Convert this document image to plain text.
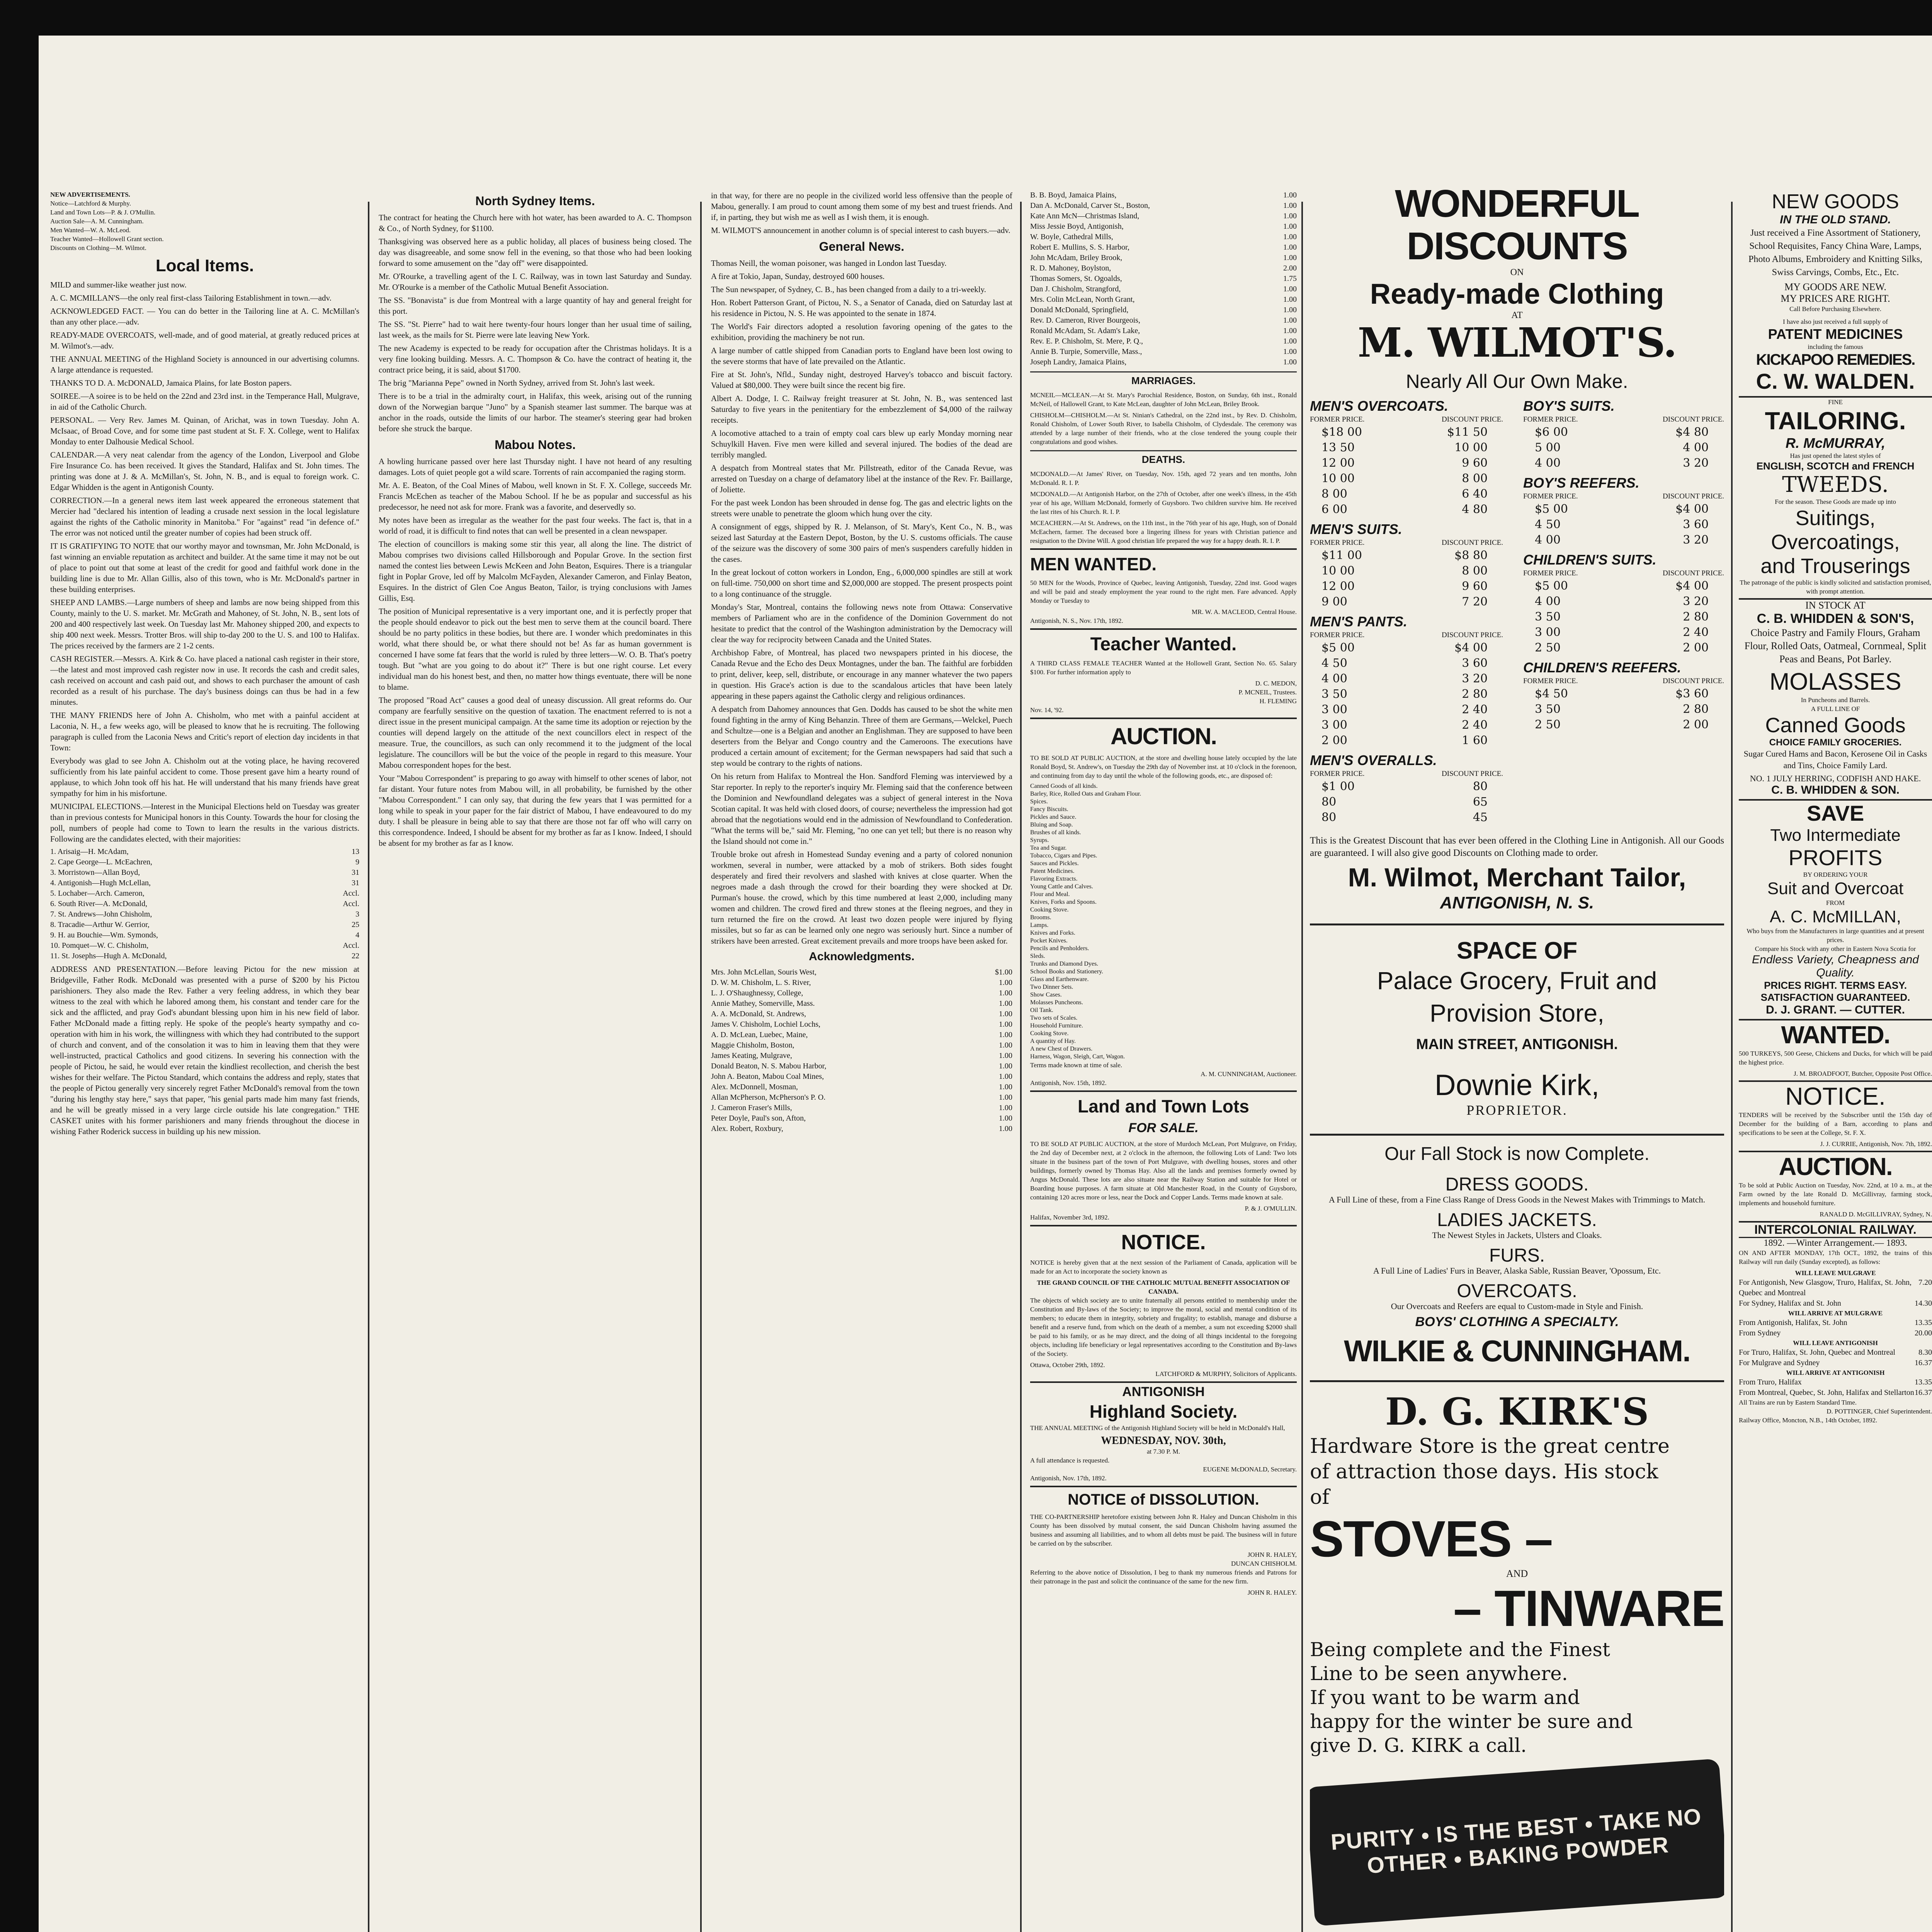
NEW ADVERTISEMENTS.
Notice—Latchford & Murphy.
Land and Town Lots—P. & J. O'Mullin.
Auction Sale—A. M. Cunningham.
Men Wanted—W. A. McLeod.
Teacher Wanted—Hollowell Grant section.
Discounts on Clothing—M. Wilmot.
Local Items.

MILD and summer-like weather just now.

A. C. MCMILLAN'S—the only real first-class Tailoring Establishment in town.—adv.

ACKNOWLEDGED FACT. — You can do better in the Tailoring line at A. C. McMillan's than any other place.—adv.

READY-MADE OVERCOATS, well-made, and of good material, at greatly reduced prices at M. Wilmot's.—adv.

THE ANNUAL MEETING of the Highland Society is announced in our advertising columns. A large attendance is requested.

THANKS TO D. A. McDONALD, Jamaica Plains, for late Boston papers.

SOIREE.—A soiree is to be held on the 22nd and 23rd inst. in the Temperance Hall, Mulgrave, in aid of the Catholic Church.

PERSONAL. — Very Rev. James M. Quinan, of Arichat, was in town Tuesday. John A. McIsaac, of Broad Cove, and for some time past student at St. F. X. College, went to Halifax Monday to enter Dalhousie Medical School.

CALENDAR.—A very neat calendar from the agency of the London, Liverpool and Globe Fire Insurance Co. has been received. It gives the Standard, Halifax and St. John times. The printing was done at J. & A. McMillan's, St. John, N. B., and is equal to foreign work. C. Edgar Whidden is the agent in Antigonish County.

CORRECTION.—In a general news item last week appeared the erroneous statement that Mercier had "declared his intention of leading a crusade next session in the local legislature against the rights of the Catholic minority in Manitoba." For "against" read "in defence of." The error was not noticed until the greater number of copies had been struck off.

IT IS GRATIFYING TO NOTE that our worthy mayor and townsman, Mr. John McDonald, is fast winning an enviable reputation as architect and builder. At the same time it may not be out of place to point out that some at least of the credit for good and faithful work done in the building line is due to Mr. Allan Gillis, also of this town, who is Mr. McDonald's partner in these building enterprises.

SHEEP AND LAMBS.—Large numbers of sheep and lambs are now being shipped from this County, mainly to the U. S. market. Mr. McGrath and Mahoney, of St. John, N. B., sent lots of 200 and 400 respectively last week. On Tuesday last Mr. Mahoney shipped 200, and expects to ship 400 next week. Messrs. Trotter Bros. will ship to-day 200 to the U. S. and 100 to Halifax. The prices received by the farmers are 2 1-2 cents.

CASH REGISTER.—Messrs. A. Kirk & Co. have placed a national cash register in their store,—the latest and most improved cash register now in use. It records the cash and credit sales, cash received on account and cash paid out, and shows to each purchaser the amount of cash recorded as a result of his purchase. The day's business doings can thus be had in a few minutes.

THE MANY FRIENDS here of John A. Chisholm, who met with a painful accident at Laconia, N. H., a few weeks ago, will be pleased to know that he is recruiting. The following paragraph is culled from the Laconia News and Critic's report of election day incidents in that Town:

Everybody was glad to see John A. Chisholm out at the voting place, he having recovered sufficiently from his late painful accident to come. Those present gave him a hearty round of applause, to which John took off his hat. He will understand that his many friends have great sympathy for him in his misfortune.

MUNICIPAL ELECTIONS.—Interest in the Municipal Elections held on Tuesday was greater than in previous contests for Municipal honors in this County. Towards the hour for closing the poll, numbers of people had come to Town to learn the results in the various districts. Following are the candidates elected, with their majorities:

1. Arisaig—H. McAdam,	13
2. Cape George—L. McEachren,	9
3. Morristown—Allan Boyd,	31
4. Antigonish—Hugh McLellan,	31
5. Lochaber—Arch. Cameron,	Accl.
6. South River—A. McDonald,	Accl.
7. St. Andrews—John Chisholm,	3
8. Tracadie—Arthur W. Gerrior,	25
9. H. au Bouchie—Wm. Symonds,	4
10. Pomquet—W. C. Chisholm,	Accl.
11. St. Josephs—Hugh A. McDonald,	22

ADDRESS AND PRESENTATION.—Before leaving Pictou for the new mission at Bridgeville, Father Rodk. McDonald was presented with a purse of $200 by his Pictou parishioners. They also made the Rev. Father a very feeling address, in which they bear witness to the zeal with which he labored among them, his constant and tender care for the sick and the afflicted, and pray God's abundant blessing upon him in his new field of labor. Father McDonald made a fitting reply. He spoke of the people's hearty sympathy and co-operation with him in his work, the willingness with which they had contributed to the support of church and convent, and of the consolation it was to him in leaving them that they were well-instructed, practical Catholics and good citizens. In severing his connection with the people of Pictou, he said, he would ever retain the kindliest recollection, and cherish the best wishes for their welfare. The Pictou Standard, which contains the address and reply, states that the people of Pictou generally very sincerely regret Father McDonald's removal from the town "during his lengthy stay here," says that paper, "his genial parts made him many fast friends, and he will be greatly missed in a very large circle outside his late congregation." THE CASKET unites with his former parishioners and many friends throughout the diocese in wishing Father Roderick success in building up his new mission.

North Sydney Items.

The contract for heating the Church here with hot water, has been awarded to A. C. Thompson & Co., of North Sydney, for $1100.

Thanksgiving was observed here as a public holiday, all places of business being closed. The day was disagreeable, and some snow fell in the evening, so that those who had been looking forward to some amusement on the "day off" were disappointed.

Mr. O'Rourke, a travelling agent of the I. C. Railway, was in town last Saturday and Sunday. Mr. O'Rourke is a member of the Catholic Mutual Benefit Association.

The SS. "Bonavista" is due from Montreal with a large quantity of hay and general freight for this port.

The SS. "St. Pierre" had to wait here twenty-four hours longer than her usual time of sailing, last week, as the mails for St. Pierre were late leaving New York.

The new Academy is expected to be ready for occupation after the Christmas holidays. It is a very fine looking building. Messrs. A. C. Thompson & Co. have the contract of heating it, the contract price being, it is said, about $1700.

The brig "Marianna Pepe" owned in North Sydney, arrived from St. John's last week.

There is to be a trial in the admiralty court, in Halifax, this week, arising out of the running down of the Norwegian barque "Juno" by a Spanish steamer last summer. The barque was at anchor in the roads, outside the limits of our harbor. The steamer's steering gear had broken before she struck the barque.

Mabou Notes.

A howling hurricane passed over here last Thursday night. I have not heard of any resulting damages. Lots of quiet people got a wild scare. Torrents of rain accompanied the raging storm.

Mr. A. E. Beaton, of the Coal Mines of Mabou, well known in St. F. X. College, succeeds Mr. Francis McEchen as teacher of the Mabou School. If he be as popular and successful as his predecessor, he need not ask for more. Frank was a favorite, and deservedly so.

My notes have been as irregular as the weather for the past four weeks. The fact is, that in a world of road, it is difficult to find notes that can well be presented in a clean newspaper.

The election of councillors is making some stir this year, all along the line. The district of Mabou comprises two divisions called Hillsborough and Popular Grove. In the section first named the contest lies between Lewis McKeen and John Beaton, Esquires. There is a triangular fight in Poplar Grove, led off by Malcolm McFayden, Alexander Cameron, and Finlay Beaton, Esquires. In the district of Glen Coe Angus Beaton, Tailor, is trying conclusions with James Gillis, Esq.

The position of Municipal representative is a very important one, and it is perfectly proper that the people should endeavor to pick out the best men to serve them at the council board. There should be no party politics in these bodies, but there are. I wonder which predominates in this world, what there should be, or what there should not be! As far as human government is concerned I have some fat fears that the world is ruled by three letters—W. O. B. That's poetry tough. But "what are you going to do about it?" There is but one right course. Let every individual man do his honest best, and then, no matter how things eventuate, there will be none to blame.

The proposed "Road Act" causes a good deal of uneasy discussion. All great reforms do. Our company are fearfully sensitive on the question of taxation. The enactment referred to is not a direct issue in the present municipal campaign. At the same time its adoption or rejection by the counties will depend largely on the attitude of the next councillors elect in respect of the measure. True, the councillors, as such can only recommend it to the judgment of the local legislature. The councillors will be but the voice of the people in regard to this measure. Your Mabou correspondent hopes for the best.

Your "Mabou Correspondent" is preparing to go away with himself to other scenes of labor, not far distant. Your future notes from Mabou will, in all probability, be furnished by the other "Mabou Correspondent." I can only say, that during the few years that I was permitted for a long while to speak in your paper for the fair district of Mabou, I have endeavoured to do my duty. I shall be pleasure in being able to say that there are those not far off who will carry on this correspondence. Indeed, I should be absent for my brother as far as I know. Indeed, I should be absent for my brother as far as I know.

in that way, for there are no people in the civilized world less offensive than the people of Mabou, generally. I am proud to count among them some of my best and truest friends. And if, in parting, they but wish me as well as I wish them, it is enough.

M. WILMOT'S announcement in another column is of special interest to cash buyers.—adv.

General News.

Thomas Neill, the woman poisoner, was hanged in London last Tuesday.

A fire at Tokio, Japan, Sunday, destroyed 600 houses.

The Sun newspaper, of Sydney, C. B., has been changed from a daily to a tri-weekly.

Hon. Robert Patterson Grant, of Pictou, N. S., a Senator of Canada, died on Saturday last at his residence in Pictou, N. S. He was appointed to the senate in 1874.

The World's Fair directors adopted a resolution favoring opening of the gates to the exhibition, providing the machinery be not run.

A large number of cattle shipped from Canadian ports to England have been lost owing to the severe storms that have of late prevailed on the Atlantic.

Fire at St. John's, Nfld., Sunday night, destroyed Harvey's tobacco and biscuit factory. Valued at $80,000. They were built since the recent big fire.

Albert A. Dodge, I. C. Railway freight treasurer at St. John, N. B., was sentenced last Saturday to five years in the penitentiary for the embezzlement of $4,000 of the railway receipts.

A locomotive attached to a train of empty coal cars blew up early Monday morning near Schuylkill Haven. Five men were killed and several injured. The bodies of the dead are terribly mangled.

A despatch from Montreal states that Mr. Pillstreath, editor of the Canada Revue, was arrested on Tuesday on a charge of defamatory libel at the instance of the Rev. Fr. Baillarge, of Joliette.

For the past week London has been shrouded in dense fog. The gas and electric lights on the streets were unable to penetrate the gloom which hung over the city.

A consignment of eggs, shipped by R. J. Melanson, of St. Mary's, Kent Co., N. B., was seized last Saturday at the Eastern Depot, Boston, by the U. S. customs officials. The cause of the seizure was the discovery of some 300 pairs of men's suspenders carefully hidden in the cases.

In the great lockout of cotton workers in London, Eng., 6,000,000 spindles are still at work on full-time. 750,000 on short time and $2,000,000 are stopped. The present prospects point to a long continuance of the struggle.

Monday's Star, Montreal, contains the following news note from Ottawa: Conservative members of Parliament who are in the confidence of the Dominion Government do not hesitate to predict that the control of the Washington administration by the Democracy will clear the way for reciprocity between Canada and the United States.

Archbishop Fabre, of Montreal, has placed two newspapers printed in his diocese, the Canada Revue and the Echo des Deux Montagnes, under the ban. The faithful are forbidden to print, deliver, keep, sell, distribute, or encourage in any manner whatever the two papers in question. His Grace's action is due to the scandalous articles that have been lately appearing in these papers against the Catholic clergy and religious ordinances.

A despatch from Dahomey announces that Gen. Dodds has caused to be shot the white men found fighting in the army of King Behanzin. Three of them are Germans,—Welckel, Puech and Schultze—one is a Belgian and another an Englishman. They are supposed to have been deserters from the Belyar and Congo country and the Cameroons. The executions have produced a certain amount of excitement; for the German newspapers had said that such a step would be contrary to the rights of nations.

On his return from Halifax to Montreal the Hon. Sandford Fleming was interviewed by a Star reporter. In reply to the reporter's inquiry Mr. Fleming said that the conference between the Dominion and Newfoundland delegates was a subject of general interest in the Nova Scotian capital. It was held with closed doors, of course; nevertheless the impression had got abroad that the negotiations would end in the admission of Newfoundland to Confederation. "What the terms will be," said Mr. Fleming, "no one can yet tell; but there is no reason why the Island should not come in."

Trouble broke out afresh in Homestead Sunday evening and a party of colored nonunion workmen, several in number, were attacked by a mob of strikers. Both sides fought desperately and fired their revolvers and slashed with knives at close quarter. When the negroes made a dash through the crowd for their boarding they were shocked at Dr. Purman's house. the crowd, which by this time numbered at least 2,000, including many women and children. The crowd fired and threw stones at the fleeing negroes, and they in turn returned the fire on the crowd. At least two dozen people were injured by flying missiles, but so far as can be learned only one negro was seriously hurt. Since a number of strikers have been arrested. Great excitement prevails and more troops have been asked for.

Acknowledgments.
Mrs. John McLellan, Souris West,	$1.00
D. W. M. Chisholm, L. S. River,	1.00
L. J. O'Shaughnessy, College,	1.00
Annie Mathey, Somerville, Mass.	1.00
A. A. McDonald, St. Andrews,	1.00
James V. Chisholm, Lochiel Lochs,	1.00
A. D. McLean, Luebec, Maine,	1.00
Maggie Chisholm, Boston,	1.00
James Keating, Mulgrave,	1.00
Donald Beaton, N. S. Mabou Harbor,	1.00
John A. Beaton, Mabou Coal Mines,	1.00
Alex. McDonnell, Mosman,	1.00
Allan McPherson, McPherson's P. O.	1.00
J. Cameron Fraser's Mills,	1.00
Peter Doyle, Paul's son, Afton,	1.00
Alex. Robert, Roxbury,	1.00
B. B. Boyd, Jamaica Plains,	1.00
Dan A. McDonald, Carver St., Boston,	1.00
Kate Ann McN—Christmas Island,	1.00
Miss Jessie Boyd, Antigonish,	1.00
W. Boyle, Cathedral Mills,	1.00
Robert E. Mullins, S. S. Harbor,	1.00
John McAdam, Briley Brook,	1.00
R. D. Mahoney, Boylston,	2.00
Thomas Somers, St. Ogoalds,	1.75
Dan J. Chisholm, Strangford,	1.00
Mrs. Colin McLean, North Grant,	1.00
Donald McDonald, Springfield,	1.00
Rev. D. Cameron, River Bourgeois,	1.00
Ronald McAdam, St. Adam's Lake,	1.00
Rev. E. P. Chisholm, St. Mere, P. Q.,	1.00
Annie B. Turpie, Somerville, Mass.,	1.00
Joseph Landry, Jamaica Plains,	1.00
MARRIAGES.

MCNEIL—MCLEAN.—At St. Mary's Parochial Residence, Boston, on Sunday, 6th inst., Ronald McNeil, of Hallowell Grant, to Kate McLean, daughter of John McLean, Briley Brook.

CHISHOLM—CHISHOLM.—At St. Ninian's Cathedral, on the 22nd inst., by Rev. D. Chisholm, Ronald Chisholm, of Lower South River, to Isabella Chisholm, of Clydesdale. The ceremony was attended by a large number of their friends, who at the close tendered the young couple their congratulations and good wishes.

DEATHS.

MCDONALD.—At James' River, on Tuesday, Nov. 15th, aged 72 years and ten months, John McDonald. R. I. P.

MCDONALD.—At Antigonish Harbor, on the 27th of October, after one week's illness, in the 45th year of his age, William McDonald, formerly of Guysboro. Two children survive him. He received the last rites of his Church. R. I. P.

MCEACHERN.—At St. Andrews, on the 11th inst., in the 76th year of his age, Hugh, son of Donald McEachern, farmer. The deceased bore a lingering illness for years with Christian patience and resignation to the Divine Will. A good christian life prepared the way for a happy death. R. I. P.

MEN WANTED.

50 MEN for the Woods, Province of Quebec, leaving Antigonish, Tuesday, 22nd inst. Good wages and will be paid and steady employment the year round to the right men. Fare advanced. Apply Monday or Tuesday to

MR. W. A. MACLEOD, Central House.
Antigonish, N. S., Nov. 17th, 1892.
Teacher Wanted.

A THIRD CLASS FEMALE TEACHER Wanted at the Hollowell Grant, Section No. 65. Salary $100. For further information apply to

D. C. MEDON,
P. MCNEIL, Trustees.
H. FLEMING
Nov. 14, '92.
AUCTION.

TO BE SOLD AT PUBLIC AUCTION, at the store and dwelling house lately occupied by the late Ronald Boyd, St. Andrew's, on Tuesday the 29th day of November inst. at 10 o'clock in the forenoon, and continuing from day to day until the whole of the following goods, etc., are disposed of:

Canned Goods of all kinds.
Barley, Rice, Rolled Oats and Graham Flour.
Spices.
Fancy Biscuits.
Pickles and Sauce.
Bluing and Soap.
Brushes of all kinds.
Syrups.
Tea and Sugar.
Tobacco, Cigars and Pipes.
Sauces and Pickles.
Patent Medicines.
Flavoring Extracts.
Young Cattle and Calves.
Flour and Meal.
Knives, Forks and Spoons.
Cooking Stove.
Brooms.
Lamps.
Knives and Forks.
Pocket Knives.
Pencils and Penholders.
Sleds.
Trunks and Diamond Dyes.
School Books and Stationery.
Glass and Earthenware.
Two Dinner Sets.
Show Cases.
Molasses Puncheons.
Oil Tank.
Two sets of Scales.
Household Furniture.
Cooking Stove.
A quantity of Hay.
A new Chest of Drawers.
Harness, Wagon, Sleigh, Cart, Wagon.
Terms made known at time of sale.
A. M. CUNNINGHAM, Auctioneer.
Antigonish, Nov. 15th, 1892.
Land and Town Lots
FOR SALE.

TO BE SOLD AT PUBLIC AUCTION, at the store of Murdoch McLean, Port Mulgrave, on Friday, the 2nd day of December next, at 2 o'clock in the afternoon, the following Lots of Land: Two lots situate in the business part of the town of Port Mulgrave, with dwelling houses, stores and other buildings, formerly owned by Thomas Hay. Also all the lands and premises formerly owned by Angus McDonald. These lots are also situate near the Railway Station and suitable for Hotel or Boarding house purposes. A farm situate at Old Manchester Road, in the County of Guysboro, containing 120 acres more or less, near the Dock and Copper Lands. Terms made known at sale.

P. & J. O'MULLIN.
Halifax, November 3rd, 1892.
NOTICE.

NOTICE is hereby given that at the next session of the Parliament of Canada, application will be made for an Act to incorporate the society known as

THE GRAND COUNCIL OF THE CATHOLIC MUTUAL BENEFIT ASSOCIATION OF CANADA.

The objects of which society are to unite fraternally all persons entitled to membership under the Constitution and By-laws of the Society; to improve the moral, social and mental condition of its members; to educate them in integrity, sobriety and frugality; to establish, manage and disburse a benefit and a reserve fund, from which on the death of a member, a sum not exceeding $2000 shall be paid to his family, or as he may direct, and the doing of all things incidental to the foregoing objects, including life beneficiary or legal representatives according to the Constitution and By-laws of the Society.

Ottawa, October 29th, 1892.
LATCHFORD & MURPHY, Solicitors of Applicants.
ANTIGONISH
Highland Society.

THE ANNUAL MEETING of the Antigonish Highland Society will be held in McDonald's Hall,

WEDNESDAY, NOV. 30th,
at 7.30 P. M.
A full attendance is requested.
EUGENE McDONALD, Secretary.
Antigonish, Nov. 17th, 1892.
NOTICE of DISSOLUTION.

THE CO-PARTNERSHIP heretofore existing between John R. Haley and Duncan Chisholm in this County has been dissolved by mutual consent, the said Duncan Chisholm having assumed the business and assuming all liabilities, and to whom all debts must be paid. The business will in future be carried on by the subscriber.

JOHN R. HALEY,
DUNCAN CHISHOLM.

Referring to the above notice of Dissolution, I beg to thank my numerous friends and Patrons for their patronage in the past and solicit the continuance of the same for the new firm.

JOHN R. HALEY.
WONDERFUL DISCOUNTS
ON
Ready-made Clothing
AT
M. WILMOT'S.
Nearly All Our Own Make.
MEN'S OVERCOATS.
FORMER PRICE.	DISCOUNT PRICE.
$18 00	$11 50
13 50	10 00
12 00	9 60
10 00	8 00
8 00	6 40
6 00	4 80
MEN'S SUITS.
FORMER PRICE.	DISCOUNT PRICE.
$11 00	$8 80
10 00	8 00
12 00	9 60
9 00	7 20
MEN'S PANTS.
FORMER PRICE.	DISCOUNT PRICE.
$5 00	$4 00
4 50	3 60
4 00	3 20
3 50	2 80
3 00	2 40
3 00	2 40
2 00	1 60
MEN'S OVERALLS.
FORMER PRICE.	DISCOUNT PRICE.
$1 00	80
80	65
80	45
BOY'S SUITS.
FORMER PRICE.	DISCOUNT PRICE.
$6 00	$4 80
5 00	4 00
4 00	3 20
BOY'S REEFERS.
FORMER PRICE.	DISCOUNT PRICE.
$5 00	$4 00
4 50	3 60
4 00	3 20
CHILDREN'S SUITS.
FORMER PRICE.	DISCOUNT PRICE.
$5 00	$4 00
4 00	3 20
3 50	2 80
3 00	2 40
2 50	2 00
CHILDREN'S REEFERS.
FORMER PRICE.	DISCOUNT PRICE.
$4 50	$3 60
3 50	2 80
2 50	2 00

This is the Greatest Discount that has ever been offered in the Clothing Line in Antigonish. All our Goods are guaranteed. I will also give good Discounts on Clothing made to order.

M. Wilmot, Merchant Tailor,
ANTIGONISH, N. S.
SPACE OF
Palace Grocery, Fruit and
Provision Store,
MAIN STREET, ANTIGONISH.
Downie Kirk,
PROPRIETOR.
Our Fall Stock is now Complete.
DRESS GOODS.
A Full Line of these, from a Fine Class Range of Dress Goods in the Newest Makes with Trimmings to Match.
LADIES JACKETS.
The Newest Styles in Jackets, Ulsters and Cloaks.
FURS.
A Full Line of Ladies' Furs in Beaver, Alaska Sable, Russian Beaver, 'Opossum, Etc.
OVERCOATS.
Our Overcoats and Reefers are equal to Custom-made in Style and Finish.
BOYS' CLOTHING A SPECIALTY.
WILKIE & CUNNINGHAM.
D. G. KIRK'S
Hardware Store is the great centre
of attraction those days. His stock
of
STOVES –
AND
– TINWARE
Being complete and the Finest
Line to be seen anywhere.
If you want to be warm and
happy for the winter be sure and
give D. G. KIRK a call.
PURITY • IS THE BEST • TAKE NO OTHER • BAKING POWDER
NEW GOODS
IN THE OLD STAND.

Just received a Fine Assortment of Stationery, School Requisites, Fancy China Ware, Lamps, Photo Albums, Embroidery and Knitting Silks, Swiss Carvings, Combs, Etc., Etc.

MY GOODS ARE NEW.
MY PRICES ARE RIGHT.
Call Before Purchasing Elsewhere.
I have also just received a full supply of
PATENT MEDICINES
including the famous
KICKAPOO REMEDIES.
C. W. WALDEN.
FINE
TAILORING.
R. McMURRAY,
Has just opened the latest styles of
ENGLISH, SCOTCH and FRENCH
TWEEDS.
For the season. These Goods are made up into
Suitings,
Overcoatings,
and Trouserings
The patronage of the public is kindly solicited and satisfaction promised, with prompt attention.
IN STOCK AT
C. B. WHIDDEN & SON'S,

Choice Pastry and Family Flours, Graham Flour, Rolled Oats, Oatmeal, Cornmeal, Split Peas and Beans, Pot Barley.

MOLASSES
In Puncheons and Barrels.
A FULL LINE OF
Canned Goods
CHOICE FAMILY GROCERIES.

Sugar Cured Hams and Bacon, Kerosene Oil in Casks and Tins, Choice Family Lard.

NO. 1 JULY HERRING, CODFISH AND HAKE.
C. B. WHIDDEN & SON.
SAVE
Two Intermediate
PROFITS
BY ORDERING YOUR
Suit and Overcoat
FROM
A. C. McMILLAN,
Who buys from the Manufacturers in large quantities and at present prices.
Compare his Stock with any other in Eastern Nova Scotia for
Endless Variety, Cheapness and Quality.
PRICES RIGHT. TERMS EASY.
SATISFACTION GUARANTEED.
D. J. GRANT. — CUTTER.
WANTED.

500 TURKEYS, 500 Geese, Chickens and Ducks, for which will be paid the highest price.

J. M. BROADFOOT, Butcher, Opposite Post Office.
NOTICE.

TENDERS will be received by the Subscriber until the 15th day of December for the building of a Barn, according to plans and specifications to be seen at the College, St. F. X.

J. J. CURRIE, Antigonish, Nov. 7th, 1892.
AUCTION.

To be sold at Public Auction on Tuesday, Nov. 22nd, at 10 a. m., at the Farm owned by the late Ronald D. McGillivray, farming stock, implements and household furniture.

RANALD D. McGILLIVRAY, Sydney, N.
INTERCOLONIAL RAILWAY.
1892. —Winter Arrangement.— 1893.

ON AND AFTER MONDAY, 17th OCT., 1892, the trains of this Railway will run daily (Sunday excepted), as follows:

WILL LEAVE MULGRAVE
For Antigonish, New Glasgow, Truro, Halifax, St. John, Quebec and Montreal
7.20
For Sydney, Halifax and St. John	14.30
WILL ARRIVE AT MULGRAVE
From Antigonish, Halifax, St. John	13.35
From Sydney	20.00
WILL LEAVE ANTIGONISH
For Truro, Halifax, St. John, Quebec and Montreal	8.30
For Mulgrave and Sydney	16.37
WILL ARRIVE AT ANTIGONISH
From Truro, Halifax	13.35
From Montreal, Quebec, St. John, Halifax and Stellarton 16.37
All Trains are run by Eastern Standard Time.
D. POTTINGER, Chief Superintendent.
Railway Office, Moncton, N.B., 14th October, 1892.
